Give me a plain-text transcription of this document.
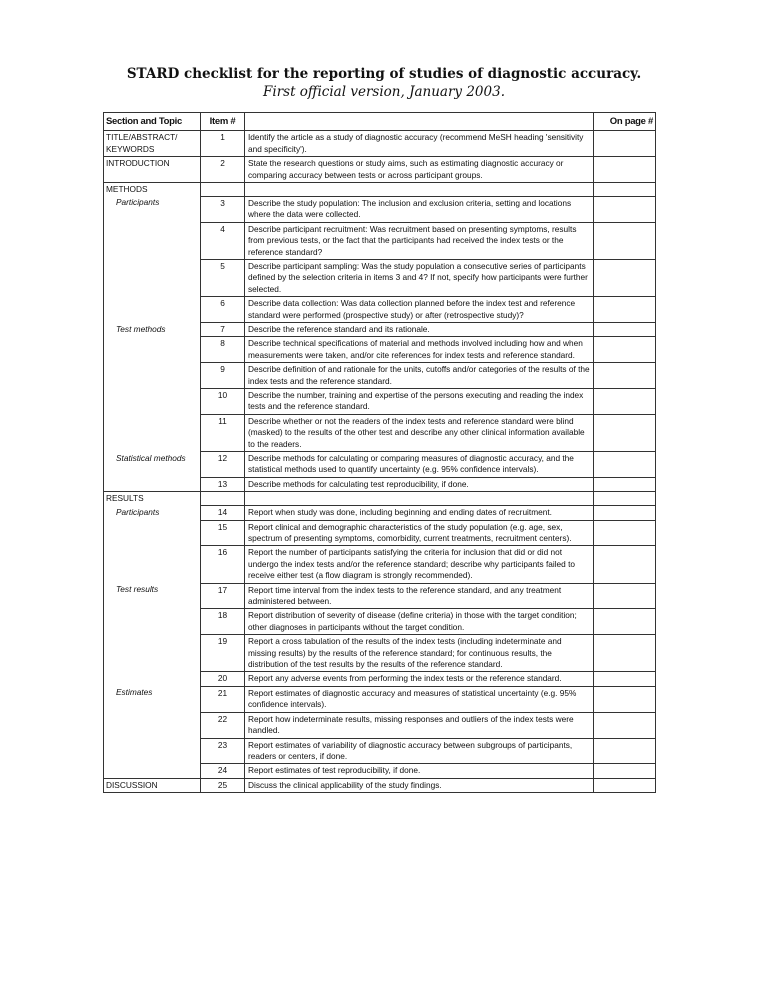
STARD checklist for the reporting of studies of diagnostic accuracy.
First official version, January 2003.
Section and Topic	Item #		On page #
TITLE/ABSTRACT/ KEYWORDS	1	Identify the article as a study of diagnostic accuracy (recommend MeSH heading 'sensitivity and specificity').	
INTRODUCTION	2	State the research questions or study aims, such as estimating diagnostic accuracy or comparing accuracy between tests or across participant groups.	
METHODS			
Participants	3	Describe the study population: The inclusion and exclusion criteria, setting and locations where the data were collected.	
	4	Describe participant recruitment: Was recruitment based on presenting symptoms, results from previous tests, or the fact that the participants had received the index tests or the reference standard?	
	5	Describe participant sampling: Was the study population a consecutive series of participants defined by the selection criteria in items 3 and 4? If not, specify how participants were further selected.	
	6	Describe data collection: Was data collection planned before the index test and reference standard were performed (prospective study) or after (retrospective study)?	
Test methods	7	Describe the reference standard and its rationale.	
	8	Describe technical specifications of material and methods involved including how and when measurements were taken, and/or cite references for index tests and reference standard.	
	9	Describe definition of and rationale for the units, cutoffs and/or categories of the results of the index tests and the reference standard.	
	10	Describe the number, training and expertise of the persons executing and reading the index tests and the reference standard.	
	11	Describe whether or not the readers of the index tests and reference standard were blind (masked) to the results of the other test and describe any other clinical information available to the readers.	
Statistical methods	12	Describe methods for calculating or comparing measures of diagnostic accuracy, and the statistical methods used to quantify uncertainty (e.g. 95% confidence intervals).	
	13	Describe methods for calculating test reproducibility, if done.	
RESULTS			
Participants	14	Report when study was done, including beginning and ending dates of recruitment.	
	15	Report clinical and demographic characteristics of the study population (e.g. age, sex, spectrum of presenting symptoms, comorbidity, current treatments, recruitment centers).	
	16	Report the number of participants satisfying the criteria for inclusion that did or did not undergo the index tests and/or the reference standard; describe why participants failed to receive either test (a flow diagram is strongly recommended).	
Test results	17	Report time interval from the index tests to the reference standard, and any treatment administered between.	
	18	Report distribution of severity of disease (define criteria) in those with the target condition; other diagnoses in participants without the target condition.	
	19	Report a cross tabulation of the results of the index tests (including indeterminate and missing results) by the results of the reference standard; for continuous results, the distribution of the test results by the results of the reference standard.	
	20	Report any adverse events from performing the index tests or the reference standard.	
Estimates	21	Report estimates of diagnostic accuracy and measures of statistical uncertainty (e.g. 95% confidence intervals).	
	22	Report how indeterminate results, missing responses and outliers of the index tests were handled.	
	23	Report estimates of variability of diagnostic accuracy between subgroups of participants, readers or centers, if done.	
	24	Report estimates of test reproducibility, if done.	
DISCUSSION	25	Discuss the clinical applicability of the study findings.	
